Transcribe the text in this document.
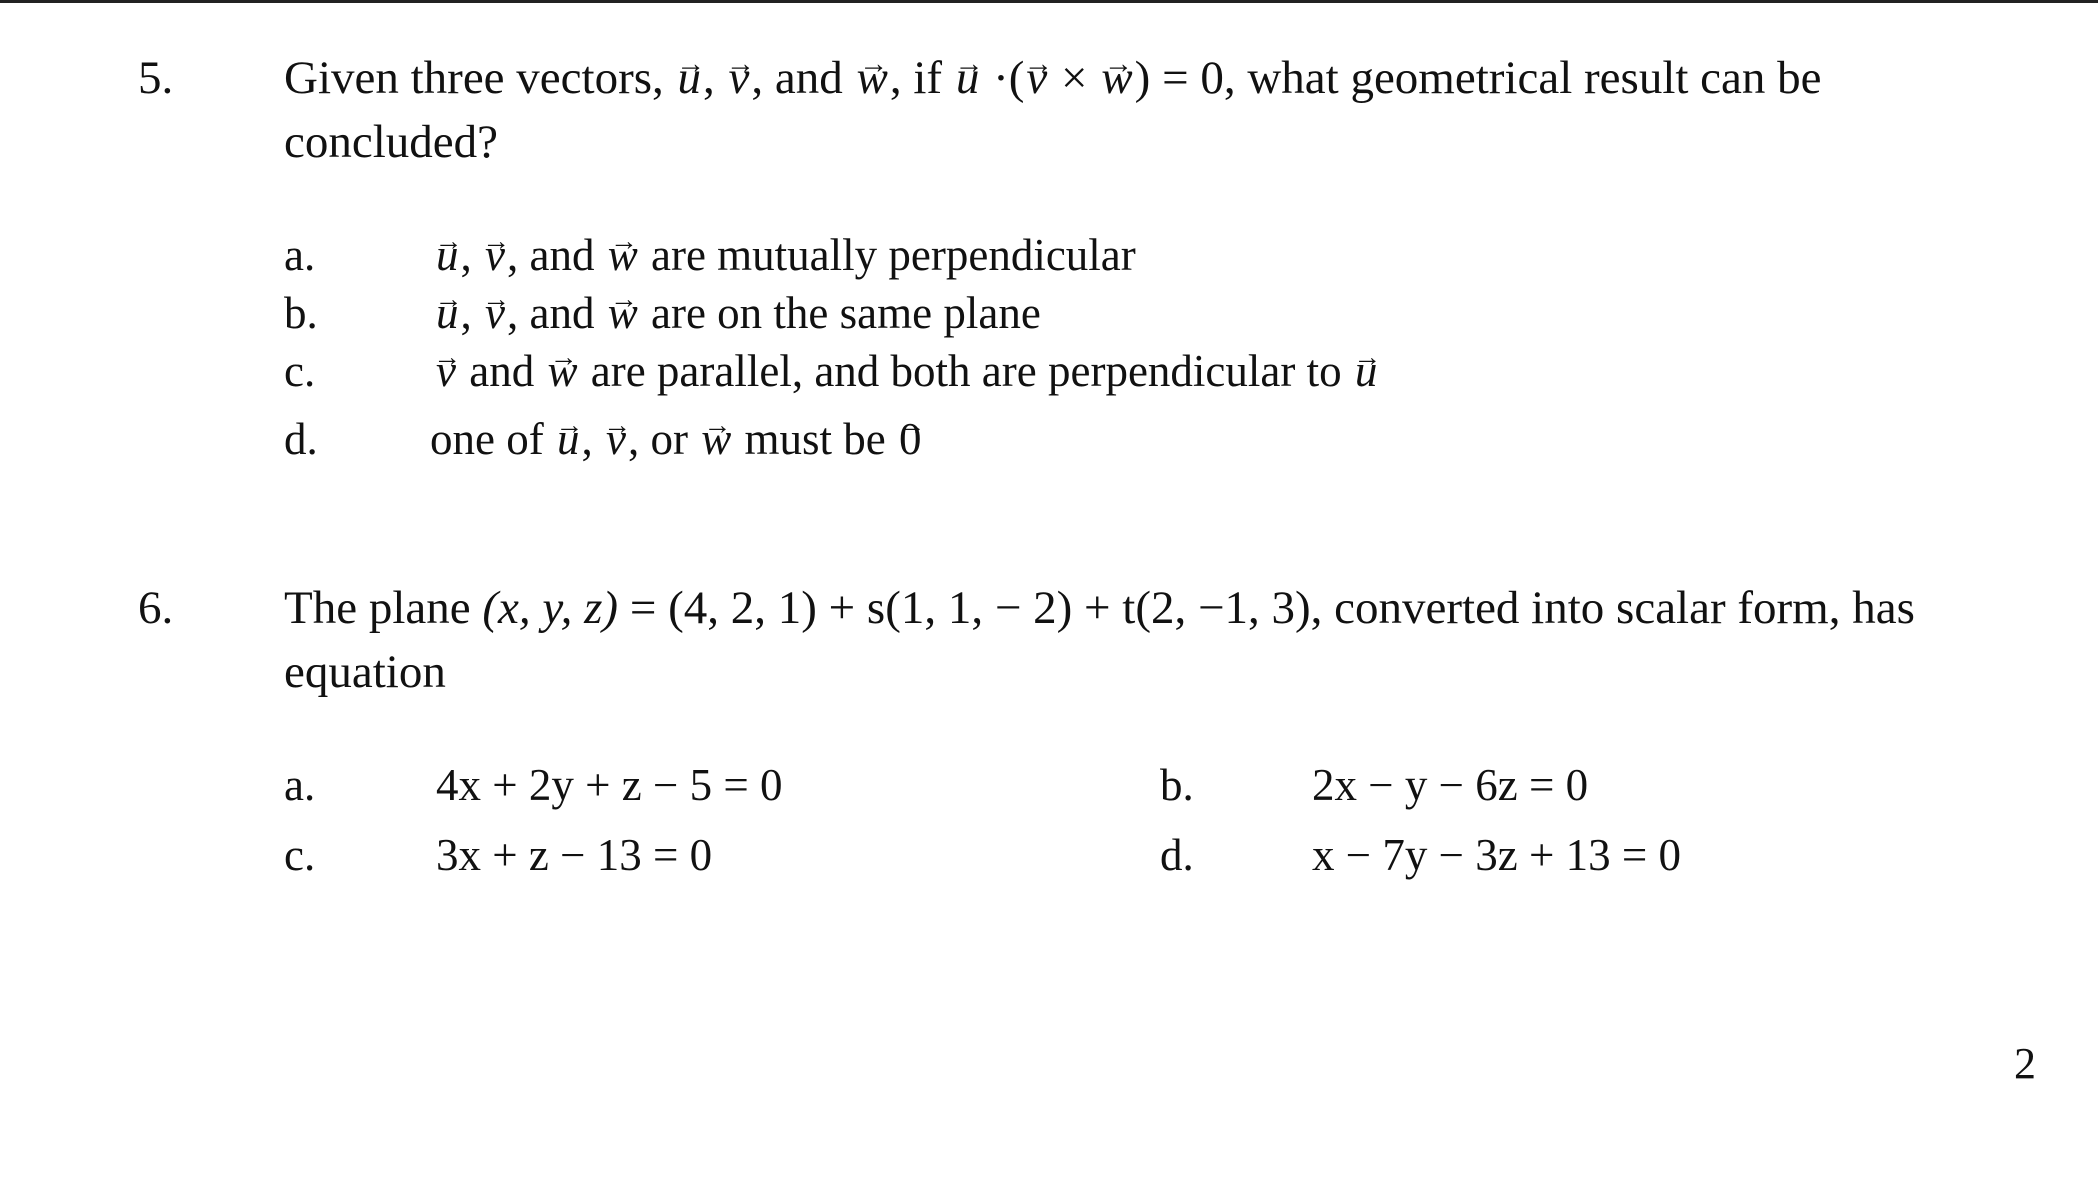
5. Given three vectors, → u, → v, and → w, if → u ·(→ v × → w) = 0, what geometrical result can be concluded?
a.	→ u, → v, and → w are mutually perpendicular
b.	→ u, → v, and → w are on the same plane
c.	→ v and → w are parallel, and both are perpendicular to → u
d. one of → u, → v, or → w must be → 0
6. The plane (x, y, z) = (4, 2, 1) + s(1, 1, − 2) + t(2, −1, 3), converted into scalar form, has equation
a.	4x + 2y + z − 5 = 0	b.	2x − y − 6z = 0
c.	3x + z − 13 = 0	d.	x − 7y − 3z + 13 = 0
2
